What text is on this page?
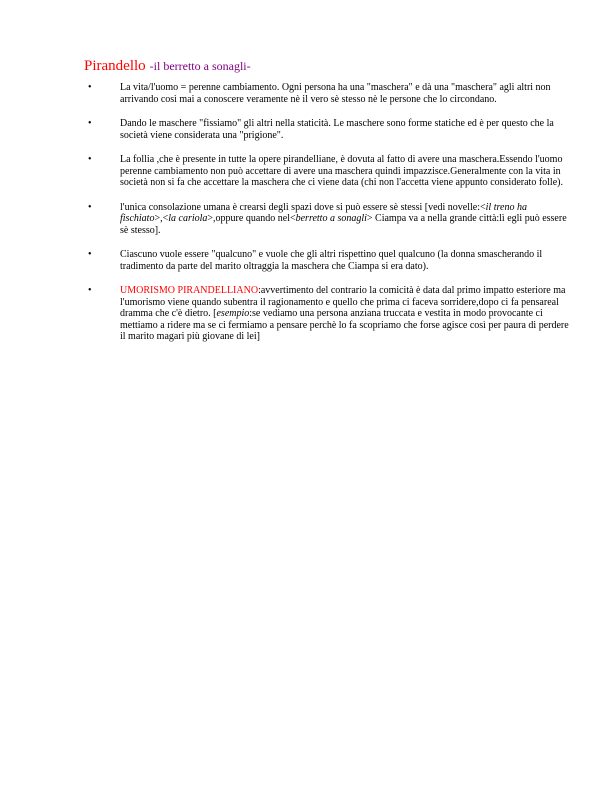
Pirandello -il berretto a sonagli-
•	La vita/l'uomo = perenne cambiamento. Ogni persona ha una "maschera" e dà una "maschera" agli altri non arrivando così mai a conoscere veramente nè il vero sè stesso nè le persone che lo circondano.
•	Dando le maschere "fissiamo" gli altri nella staticità. Le maschere sono forme statiche ed è per questo che la società viene considerata una "prigione".
•	La follia ,che è presente in tutte la opere pirandelliane, è dovuta al fatto di avere una maschera.Essendo l'uomo perenne cambiamento non può accettare di avere una maschera quindi impazzisce.Generalmente con la vita in società non si fa che accettare la maschera che ci viene data (chi non l'accetta viene appunto considerato folle).
•	l'unica consolazione umana è crearsi degli spazi dove si può essere sè stessi [vedi novelle:<il treno ha fischiato>,<la cariola>,oppure quando nel<berretto a sonagli> Ciampa va a nella grande città:lì egli può essere sè stesso].
•	Ciascuno vuole essere "qualcuno" e vuole che gli altri rispettino quel qualcuno (la donna smascherando il tradimento da parte del marito oltraggia la maschera che Ciampa si era dato).
•	UMORISMO PIRANDELLIANO:avvertimento del contrario la comicità è data dal primo impatto esteriore ma l'umorismo viene quando subentra il ragionamento e quello che prima ci faceva sorridere,dopo ci fa pensareal dramma che c'è dietro. [esempio:se vediamo una persona anziana truccata e vestita in modo provocante ci mettiamo a ridere ma se ci fermiamo a pensare perchè lo fa scopriamo che forse agisce così per paura di perdere il marito magari più giovane di lei]
